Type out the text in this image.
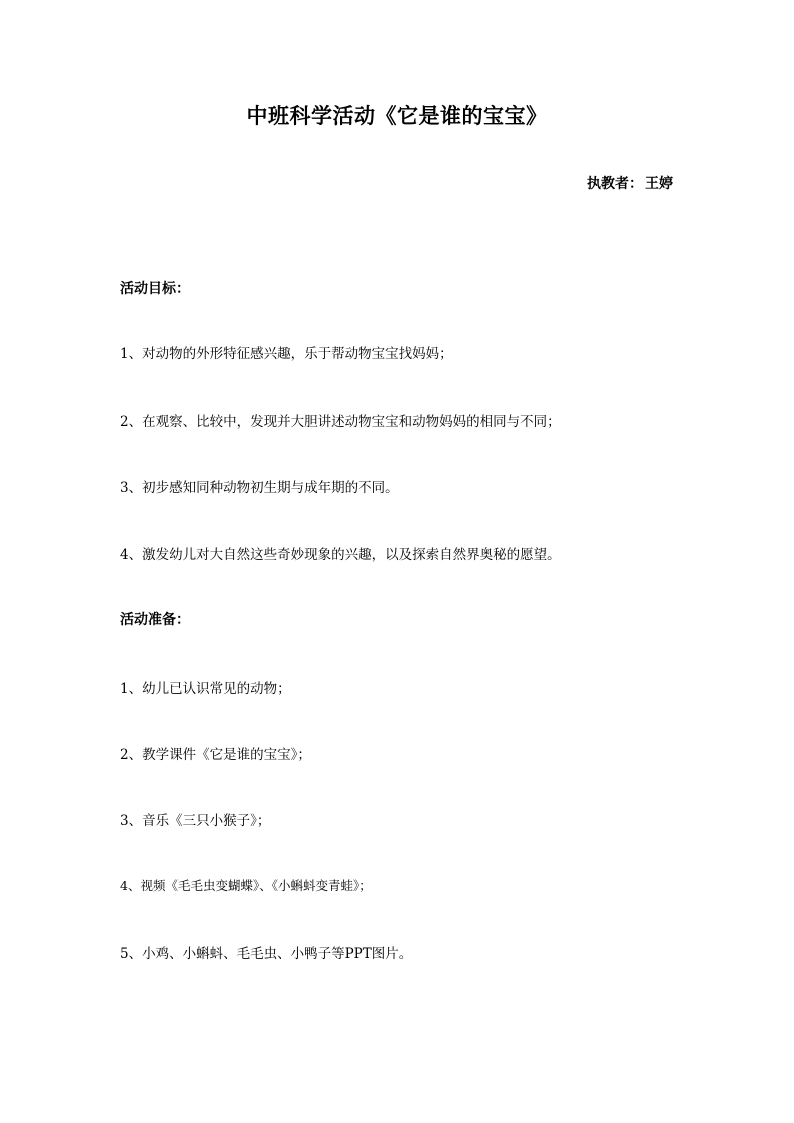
中班科学活动《它是谁的宝宝》
执教者： 王婷
活动目标：
1、对动物的外形特征感兴趣，乐于帮动物宝宝找妈妈；
2、在观察、比较中，发现并大胆讲述动物宝宝和动物妈妈的相同与不同；
3、初步感知同种动物初生期与成年期的不同。
4、激发幼儿对大自然这些奇妙现象的兴趣，以及探索自然界奥秘的愿望。
活动准备：
1、幼儿已认识常见的动物；
2、教学课件《它是谁的宝宝》；
3、音乐《三只小猴子》；
4、视频《毛毛虫变蝴蝶》、《小蝌蚪变青蛙》；
5、小鸡、小蝌蚪、毛毛虫、小鸭子等PPT图片。
